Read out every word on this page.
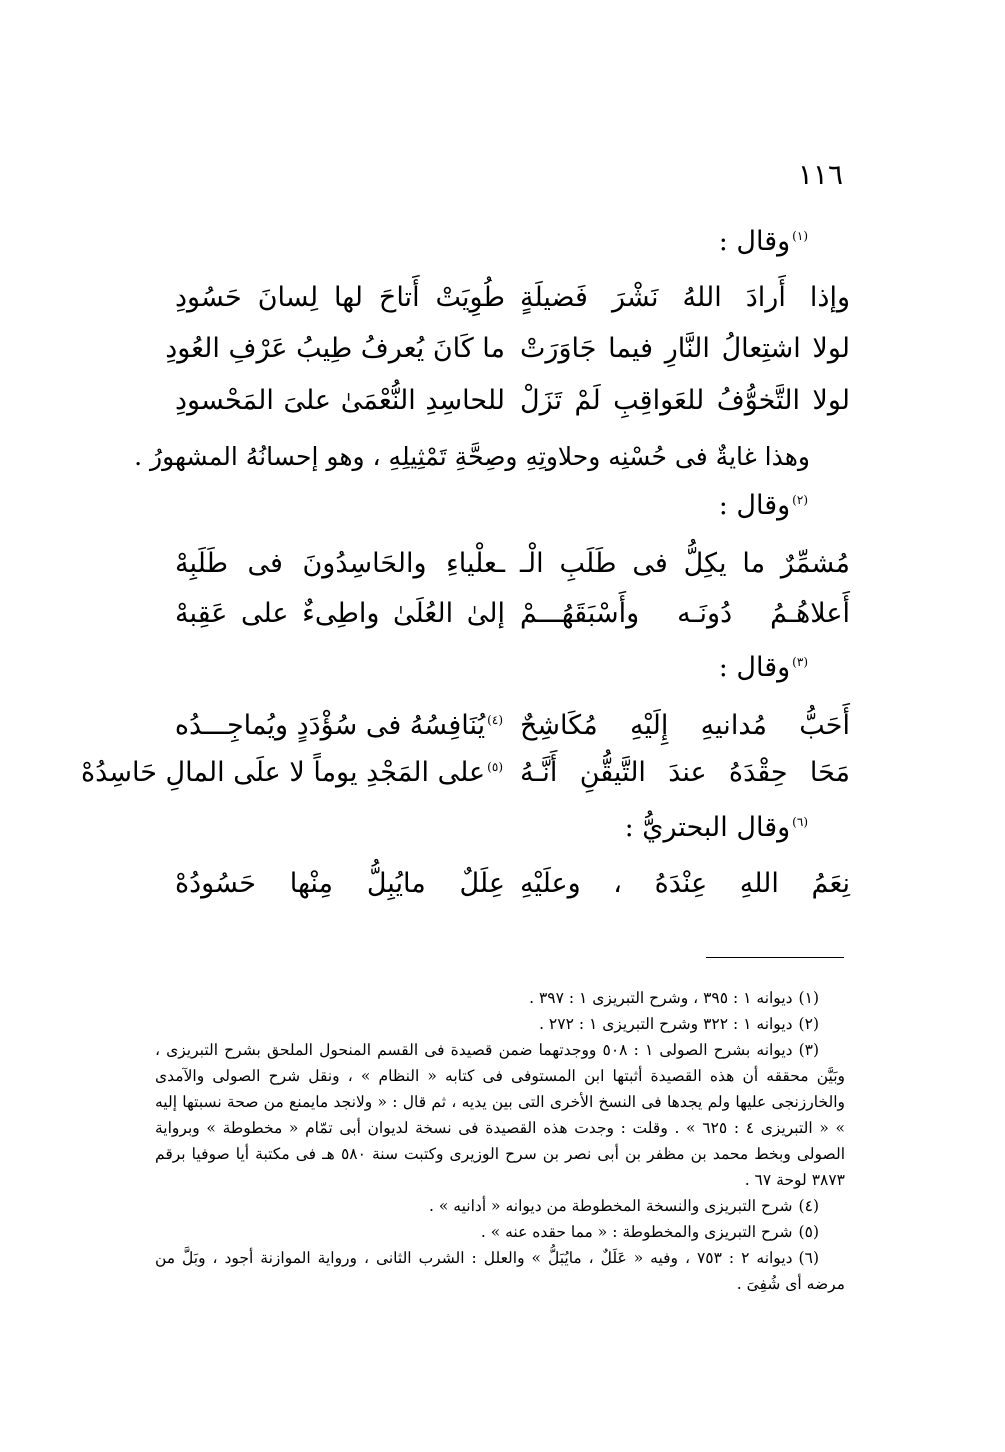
١١٦
$^{(١)}$وقال :
وإذا أَرادَ اللهُ نَشْرَ فَضيلَةٍ
طُوِيَتْ أَتاحَ لها لِسانَ حَسُودِ
لولا اشتِعالُ النَّارِ فيما جَاوَرَتْ
ما كَانَ يُعرفُ طِيبُ عَرْفِ العُودِ
لولا التَّخوُّفُ للعَواقِبِ لَمْ تَزَلْ
للحاسِدِ النُّعْمَىٰ علىَ المَحْسودِ
وهذا غايةٌ فى حُسْنِه وحلاوتِهِ وصِحَّةِ تَمْثِيلِهِ ، وهو إحسانُهُ المشهورُ .
$^{(٢)}$وقال :
مُشمِّرٌ ما يكِلُّ فى طَلَبِ الْـ
ـعلْياءِ والحَاسِدُونَ فى طَلَبِهْ
أَعلاهُـمُ دُونَـه وأَسْبَقَهُـــمْ
إلىٰ العُلَىٰ واطِىءٌ على عَقِبهْ
$^{(٣)}$وقال :
أَحَبُّ مُدانيهِ إِلَيْهِ مُكَاشِحٌ
$^{(٤)}$يُنَافِسُهُ فى سُؤْدَدٍ ويُماجِـــدُه
مَحَا حِقْدَهُ عندَ التَّيقُّنِ أَنَّـهُ
$^{(٥)}$على المَجْدِ يوماً لا علَى المالِ حَاسِدُهْ
$^{(٦)}$وقال البحتريُّ :
نِعَمُ اللهِ عِنْدَهُ ، وعلَيْهِ
عِلَلٌ مايُبِلُّ مِنْها حَسُودُهْ

(١)ديوانه ١ : ٣٩٥ ، وشرح التبريزى ١ : ٣٩٧ .

(٢)ديوانه ١ : ٣٢٢ وشرح التبريزى ١ : ٢٧٢ .

(٣)ديوانه بشرح الصولى ١ : ٥٠٨ ووجدتهما ضمن قصيدة فى القسم المنحول الملحق بشرح التبريزى ، وبَيَّن محققه أن هذه القصيدة أثبتها ابن المستوفى فى كتابه « النظام » ، ونقل شرح الصولى والآمدى والخارزنجى عليها ولم يجدها فى النسخ الأخرى التى بين يديه ، ثم قال : « ولانجد مايمنع من صحة نسبتها إليه » « التبريزى ٤ : ٦٢٥ » . وقلت : وجدت هذه القصيدة فى نسخة لديوان أبى تمّام « مخطوطة » وبرواية الصولى وبخط محمد بن مظفر بن أبى نصر بن سرح الوزيرى وكتبت سنة ٥٨٠ هـ فى مكتبة أيا صوفيا برقم ٣٨٧٣ لوحة ٦٧ .

(٤)شرح التبريزى والنسخة المخطوطة من ديوانه « أدانيه » .

(٥)شرح التبريزى والمخطوطة : « مما حقده عنه » .

(٦)ديوانه ٢ : ٧٥٣ ، وفيه « عَلَلٌ ، مايُبَلُّ » والعلل : الشرب الثانى ، ورواية الموازنة أجود ، وبَلَّ من مرضه أى شُفِىَ .
